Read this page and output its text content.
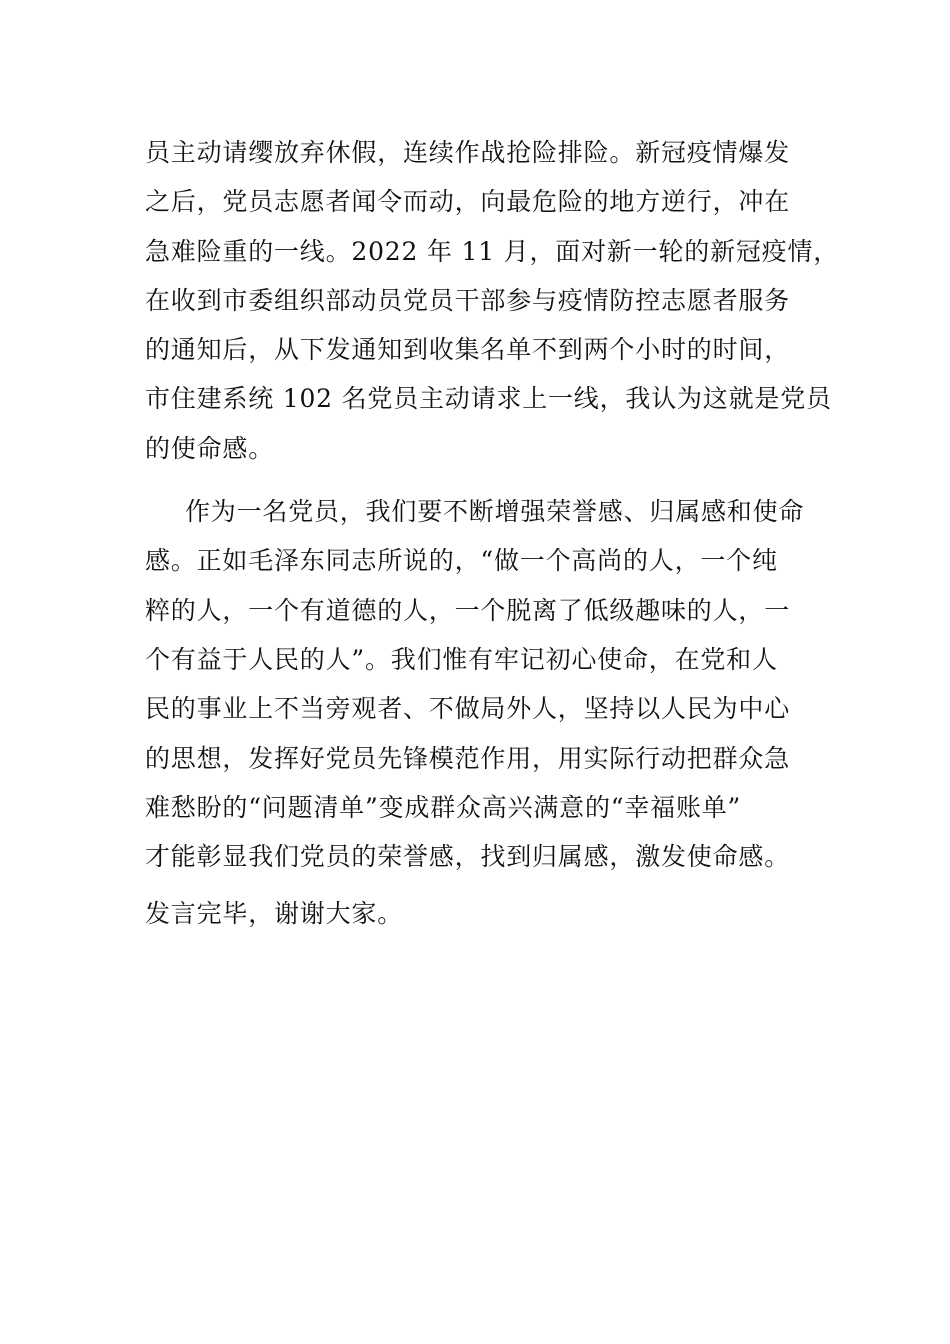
员主动请缨放弃休假，连续作战抢险排险。新冠疫情爆发
之后，党员志愿者闻令而动，向最危险的地方逆行，冲在
急难险重的一线。2022 年 11 月，面对新一轮的新冠疫情，
在收到市委组织部动员党员干部参与疫情防控志愿者服务
的通知后，从下发通知到收集名单不到两个小时的时间，
市住建系统 102 名党员主动请求上一线，我认为这就是党员
的使命感。
作为一名党员，我们要不断增强荣誉感、归属感和使命
感。正如毛泽东同志所说的，“做一个高尚的人，一个纯
粹的人，一个有道德的人，一个脱离了低级趣味的人，一
个有益于人民的人”。我们惟有牢记初心使命，在党和人
民的事业上不当旁观者、不做局外人，坚持以人民为中心
的思想，发挥好党员先锋模范作用，用实际行动把群众急
难愁盼的“问题清单”变成群众高兴满意的“幸福账单”
才能彰显我们党员的荣誉感，找到归属感，激发使命感。
发言完毕，谢谢大家。
